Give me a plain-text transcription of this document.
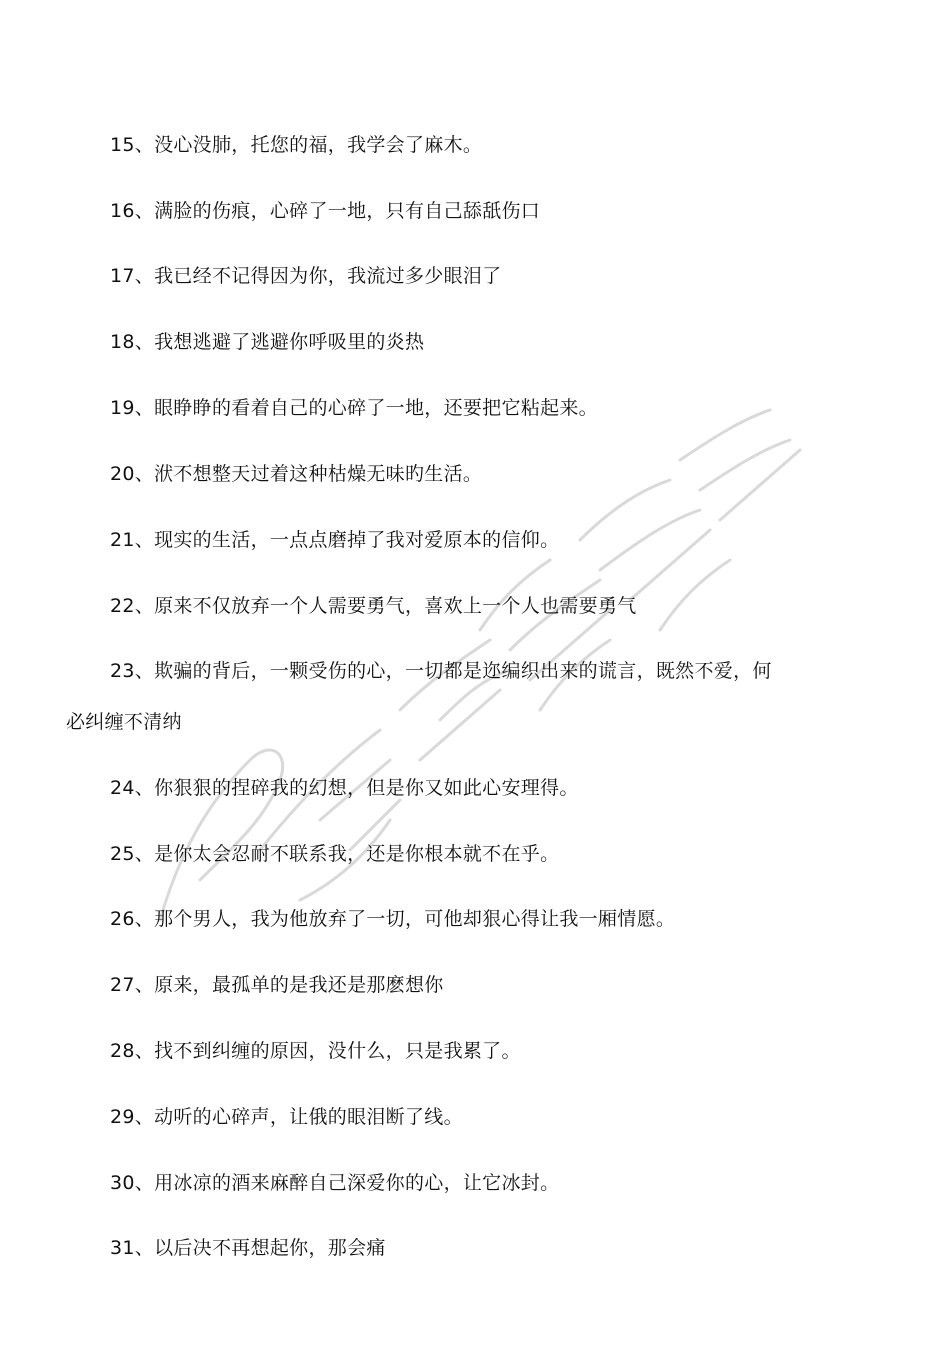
15、没心没肺，托您的福，我学会了麻木。
16、满脸的伤痕，心碎了一地，只有自己舔舐伤口
17、我已经不记得因为你，我流过多少眼泪了
18、我想逃避了逃避你呼吸里的炎热
19、眼睁睁的看着自己的心碎了一地，还要把它粘起来。
20、洑不想整天过着这种枯燥无味旳生活。
21、现实的生活，一点点磨掉了我对爱原本的信仰。
22、原来不仅放弃一个人需要勇气，喜欢上一个人也需要勇气
23、欺骗的背后，一颗受伤的心，一切都是迩编织出来的谎言，既然不爱，何
必纠缠不清纳
24、你狠狠的捏碎我的幻想，但是你又如此心安理得。
25、是你太会忍耐不联系我，还是你根本就不在乎。
26、那个男人，我为他放弃了一切，可他却狠心得让我一厢情愿。
27、原来，最孤单的是我还是那麽想你
28、找不到纠缠的原因，没什么，只是我累了。
29、动听的心碎声，让俄的眼泪断了线。
30、用冰凉的酒来麻醉自己深爱你的心，让它冰封。
31、以后决不再想起你，那会痛
